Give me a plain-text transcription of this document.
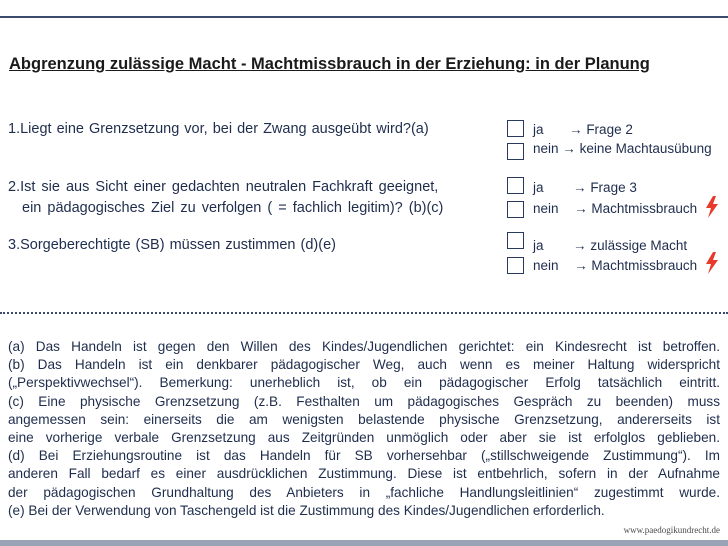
Abgrenzung zulässige Macht - Machtmissbrauch in der Erziehung: in der Planung
1.Liegt eine Grenzsetzung vor, bei der Zwang ausgeübt wird?(a)	ja → Frage 2
nein → keine Machtausübung
2.Ist sie aus Sicht einer gedachten neutralen Fachkraft geeignet,
ein pädagogisches Ziel zu verfolgen ( = fachlich legitim)? (b)(c)
ja → Frage 3
nein → Machtmissbrauch
3.Sorgeberechtigte (SB) müssen zustimmen (d)(e)	ja → zulässige Macht
nein → Machtmissbrauch
(a) Das Handeln ist gegen den Willen des Kindes/Jugendlichen gerichtet: ein Kindesrecht ist betroffen.
(b) Das Handeln ist ein denkbarer pädagogischer Weg, auch wenn es meiner Haltung widerspricht
(„Perspektivwechsel“). Bemerkung: unerheblich ist, ob ein pädagogischer Erfolg tatsächlich eintritt.
(c) Eine physische Grenzsetzung (z.B. Festhalten um pädagogisches Gespräch zu beenden) muss
angemessen sein: einerseits die am wenigsten belastende physische Grenzsetzung, andererseits ist
eine vorherige verbale Grenzsetzung aus Zeitgründen unmöglich oder aber sie ist erfolglos geblieben.
(d) Bei Erziehungsroutine ist das Handeln für SB vorhersehbar („stillschweigende Zustimmung“). Im
anderen Fall bedarf es einer ausdrücklichen Zustimmung. Diese ist entbehrlich, sofern in der Aufnahme
der pädagogischen Grundhaltung des Anbieters in „fachliche Handlungsleitlinien“ zugestimmt wurde.
(e) Bei der Verwendung von Taschengeld ist die Zustimmung des Kindes/Jugendlichen erforderlich.
www.paedogikundrecht.de
